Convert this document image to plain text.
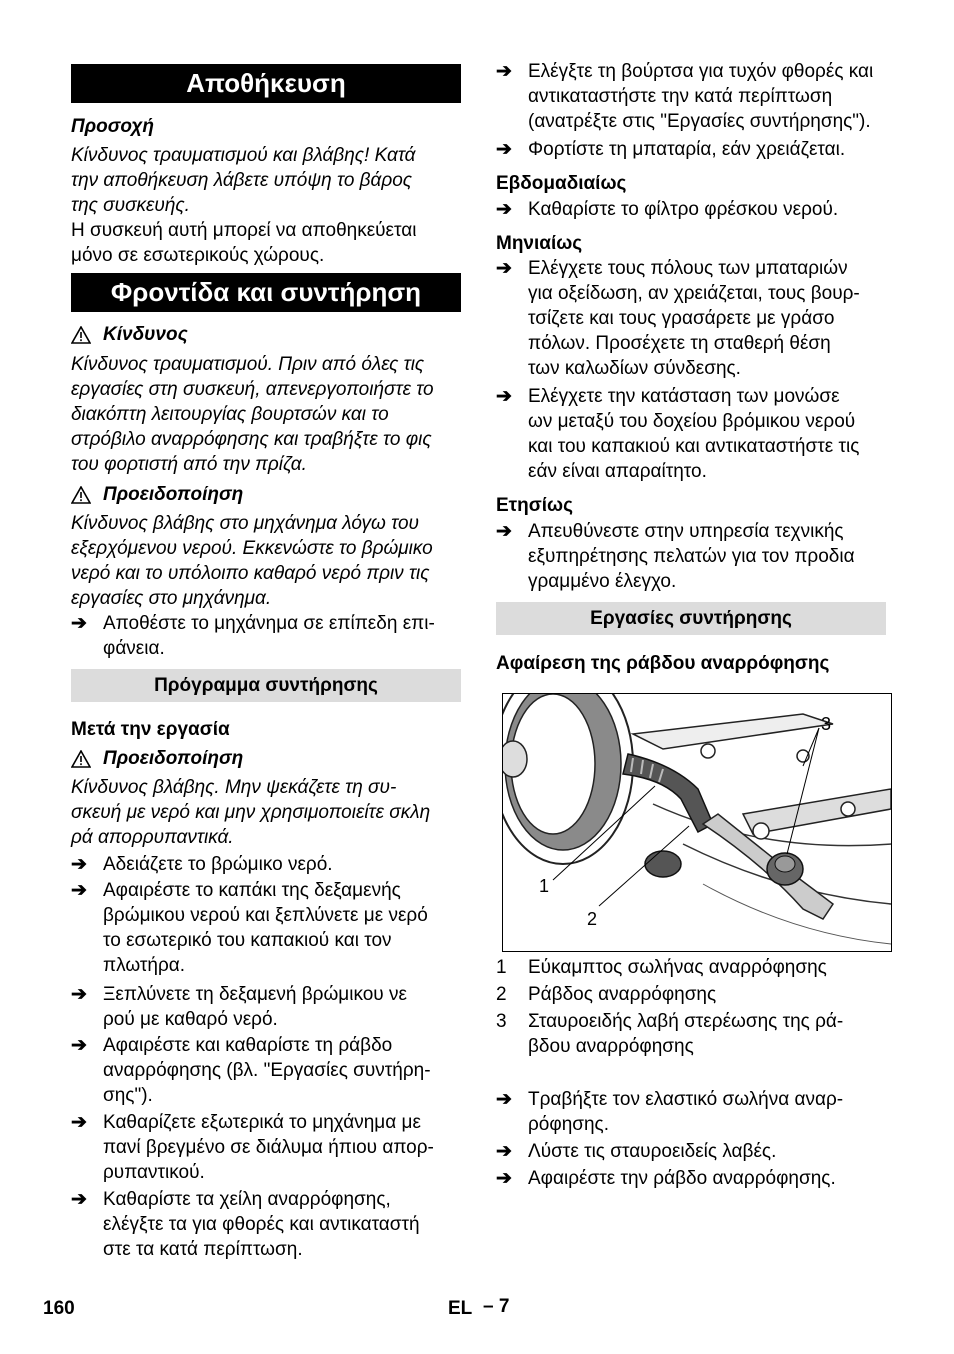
Αποθήκευση
Προσοχή
Κίνδυνος τραυματισμού και βλάβης! Κατά
την αποθήκευση λάβετε υπόψη το βάρος
της συσκευής.
Η συσκευή αυτή μπορεί να αποθηκεύεται
μόνο σε εσωτερικούς χώρους.
Φροντίδα και συντήρηση
Κίνδυνος
Κίνδυνος τραυματισμού. Πριν από όλες τις
εργασίες στη συσκευή, απενεργοποιήστε το
διακόπτη λειτουργίας βουρτσών και το
στρόβιλο αναρρόφησης και τραβήξτε το φις
του φορτιστή από την πρίζα.
Προειδοποίηση
Κίνδυνος βλάβης στο μηχάνημα λόγω του
εξερχόμενου νερού. Εκκενώστε το βρώμικο
νερό και το υπόλοιπο καθαρό νερό πριν τις
εργασίες στο μηχάνημα.
➔ Αποθέστε το μηχάνημα σε επίπεδη επι-
φάνεια.
Πρόγραμμα συντήρησης
Μετά την εργασία
Προειδοποίηση
Κίνδυνος βλάβης. Μην ψεκάζετε τη συ-
σκευή με νερό και μην χρησιμοποιείτε σκλη
ρά απορρυπαντικά.
➔ Αδειάζετε το βρώμικο νερό.
➔ Αφαιρέστε το καπάκι της δεξαμενής
βρώμικου νερού και ξεπλύνετε με νερό
το εσωτερικό του καπακιού και τον
πλωτήρα.
➔ Ξεπλύνετε τη δεξαμενή βρώμικου νε
ρού με καθαρό νερό.
➔ Αφαιρέστε και καθαρίστε τη ράβδο
αναρρόφησης (βλ. "Εργασίες συντήρη-
σης").
➔ Καθαρίζετε εξωτερικά το μηχάνημα με
πανί βρεγμένο σε διάλυμα ήπιου απορ-
ρυπαντικού.
➔ Καθαρίστε τα χείλη αναρρόφησης,
ελέγξτε τα για φθορές και αντικαταστή
στε τα κατά περίπτωση.
➔ Ελέγξτε τη βούρτσα για τυχόν φθορές και
αντικαταστήστε την κατά περίπτωση
(ανατρέξτε στις "Εργασίες συντήρησης").
➔ Φορτίστε τη μπαταρία, εάν χρειάζεται.
Εβδομαδιαίως
➔ Καθαρίστε το φίλτρο φρέσκου νερού.
Μηνιαίως
➔ Ελέγχετε τους πόλους των μπαταριών
για οξείδωση, αν χρειάζεται, τους βουρ-
τσίζετε και τους γρασάρετε με γράσο
πόλων. Προσέχετε τη σταθερή θέση
των καλωδίων σύνδεσης.
➔ Ελέγχετε την κατάσταση των μονώσε
ων μεταξύ του δοχείου βρόμικου νερού
και του καπακιού και αντικαταστήστε τις
εάν είναι απαραίτητο.
Ετησίως
➔ Απευθύνεστε στην υπηρεσία τεχνικής
εξυπηρέτησης πελατών για τον προδια
γραμμένο έλεγχο.
Εργασίες συντήρησης
Αφαίρεση της ράβδου αναρρόφησης
1
2
3
1 Εύκαμπτος σωλήνας αναρρόφησης
2 Ράβδος αναρρόφησης
3 Σταυροειδής λαβή στερέωσης της ρά-
βδου αναρρόφησης
➔ Τραβήξτε τον ελαστικό σωλήνα αναρ-
ρόφησης.
➔ Λύστε τις σταυροειδείς λαβές.
➔ Αφαιρέστε την ράβδο αναρρόφησης.
160	EL – 7
